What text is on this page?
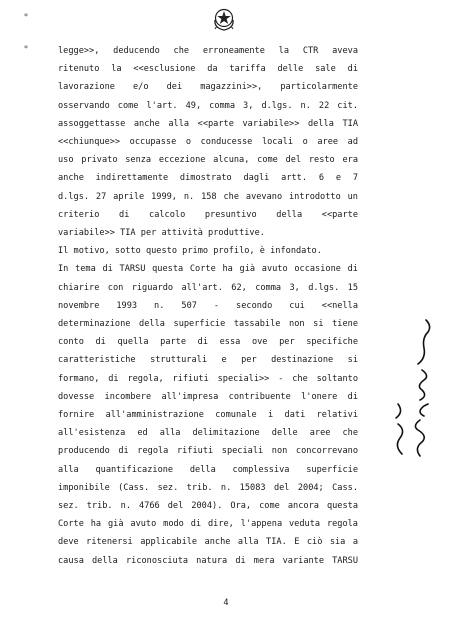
*
*	legge>>, deducendo che erroneamente la CTR aveva
ritenuto la <<esclusione da tariffa delle sale di
lavorazione e/o dei magazzini>>, particolarmente
osservando come l'art. 49, comma 3, d.lgs. n. 22 cit.
assoggettasse anche alla <<parte variabile>> della TIA
<<chiunque>> occupasse o conducesse locali o aree ad
uso privato senza eccezione alcuna, come del resto era
anche indirettamente dimostrato dagli artt. 6 e 7
d.lgs. 27 aprile 1999, n. 158 che avevano introdotto un
criterio di calcolo presuntivo della <<parte
variabile>> TIA per attività produttive.
Il motivo, sotto questo primo profilo, è infondato.
In tema di TARSU questa Corte ha già avuto occasione di
chiarire con riguardo all'art. 62, comma 3, d.lgs. 15
novembre 1993 n. 507 - secondo cui <<nella
determinazione della superficie tassabile non si tiene
conto di quella parte di essa ove per specifiche
caratteristiche strutturali e per destinazione si
formano, di regola, rifiuti speciali>> - che soltanto
dovesse incombere all'impresa contribuente l'onere di
fornire all'amministrazione comunale i dati relativi
all'esistenza ed alla delimitazione delle aree che
producendo di regola rifiuti speciali non concorrevano
alla quantificazione della complessiva superficie
imponibile (Cass. sez. trib. n. 15083 del 2004; Cass.
sez. trib. n. 4766 del 2004). Ora, come ancora questa
Corte ha già avuto modo di dire, l'appena veduta regola
deve ritenersi applicabile anche alla TIA. E ciò sia a
causa della riconosciuta natura di mera variante TARSU
4
